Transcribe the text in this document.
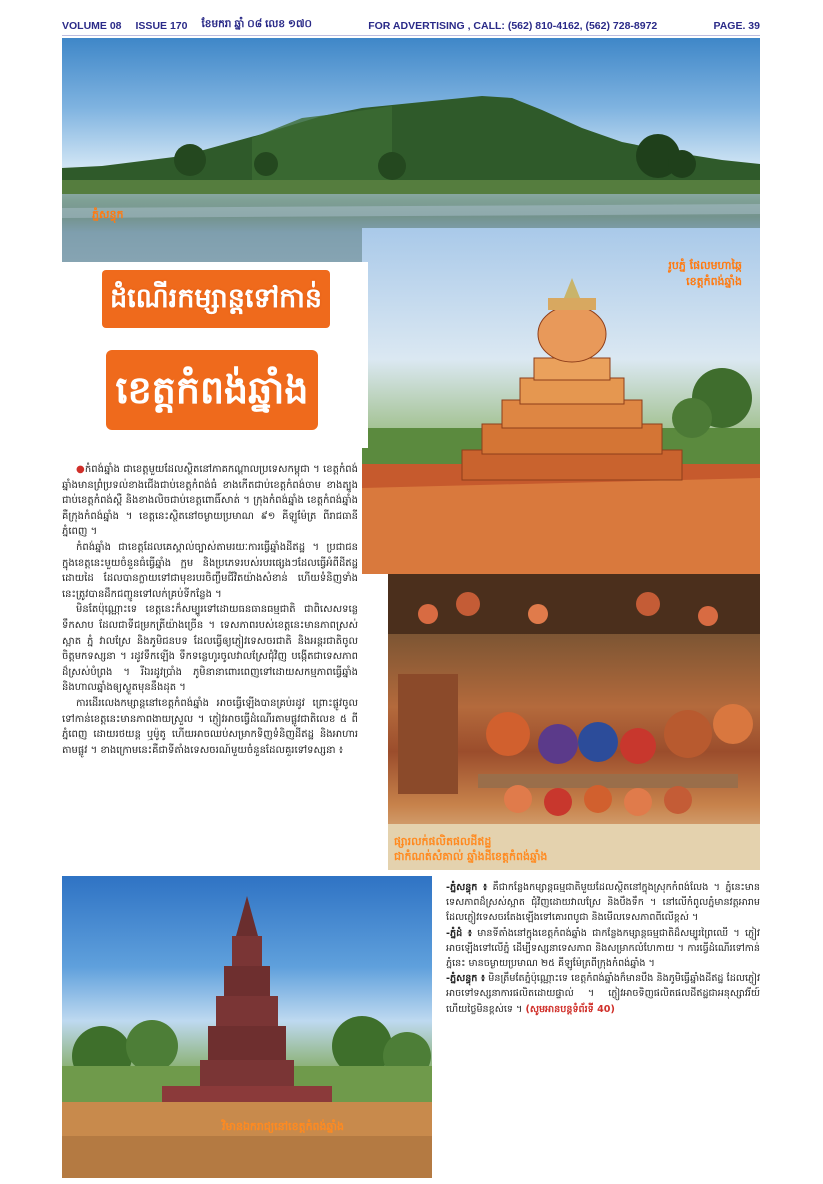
VOLUME 08 ISSUE 170 ខែមករា ឆ្នាំ ០៨ លេខ ១៧០	FOR ADVERTISING , CALL: (562) 810-4162, (562) 728-8972	PAGE. 39
ភ្នំសន្ធុក
រូបភ្នំ ផែលមហាឆ្កៃ
ខេត្តកំពង់ឆ្នាំង
ដំណើរកម្សាន្តទៅកាន់
ខេត្តកំពង់ឆ្នាំង

●កំពង់ឆ្នាំង ជាខេត្តមួយដែលស្ថិតនៅភាគកណ្ដាលប្រទេសកម្ពុជា ។ ខេត្តកំពង់ឆ្នាំងមានព្រំប្រទល់ខាងជើងជាប់ខេត្តកំពង់ធំ ខាងកើតជាប់ខេត្តកំពង់ចាម ខាងត្បូងជាប់ខេត្តកំពង់ស្ពឺ និងខាងលិចជាប់ខេត្តពោធិ៍សាត់ ។ ក្រុងកំពង់ឆ្នាំង ខេត្តកំពង់ឆ្នាំង គឺក្រុងកំពង់ឆ្នាំង ។ ខេត្តនេះស្ថិតនៅចម្ងាយប្រមាណ ៩១ គីឡូម៉ែត្រ ពីរាជធានីភ្នំពេញ ។

កំពង់ឆ្នាំង ជាខេត្តដែលគេស្គាល់ច្បាស់តាមរយៈការធ្វើឆ្នាំងដីឥដ្ឋ ។ ប្រជាជនក្នុងខេត្តនេះមួយចំនួនធំធ្វើឆ្នាំង ក្អម និងប្រភេទរបស់របរផ្សេងៗដែលធ្វើអំពីដីឥដ្ឋដោយដៃ ដែលបានក្លាយទៅជាមុខរបរចិញ្ចឹមជីវិតយ៉ាងសំខាន់ ហើយទំនិញទាំងនេះត្រូវបានដឹកជញ្ជូនទៅលក់គ្រប់ទីកន្លែង ។

មិនតែប៉ុណ្ណោះទេ ខេត្តនេះក៏សម្បូរទៅដោយធនធានធម្មជាតិ ជាពិសេសទន្លេទឹកសាប ដែលជាទីជម្រកត្រីយ៉ាងច្រើន ។ ទេសភាពរបស់ខេត្តនេះមានភាពស្រស់ស្អាត ភ្នំ វាលស្រែ និងភូមិជនបទ ដែលធ្វើឲ្យភ្ញៀវទេសចរជាតិ និងអន្តរជាតិចូលចិត្តមកទស្សនា ។ រដូវទឹកឡើង ទឹកទន្លេហូរចូលវាលស្រែជុំវិញ បង្កើតជាទេសភាពដ៏ស្រស់បំព្រង ។ រីឯរដូវប្រាំង ភូមិនានាពោរពេញទៅដោយសកម្មភាពធ្វើឆ្នាំង និងហាលឆ្នាំងឲ្យស្ងួតមុននឹងដុត ។

ការដើរលេងកម្សាន្តនៅខេត្តកំពង់ឆ្នាំង អាចធ្វើឡើងបានគ្រប់រដូវ ព្រោះផ្លូវចូលទៅកាន់ខេត្តនេះមានភាពងាយស្រួល ។ ភ្ញៀវអាចធ្វើដំណើរតាមផ្លូវជាតិលេខ ៥ ពីភ្នំពេញ ដោយរថយន្ត ឬម៉ូតូ ហើយអាចឈប់សម្រាកទិញទំនិញដីឥដ្ឋ និងអាហារតាមផ្លូវ ។ ខាងក្រោមនេះគឺជាទីតាំងទេសចរណ៍មួយចំនួនដែលគួរទៅទស្សនា ៖

ផ្សារលក់ផលិតផលដីឥដ្ឋ
ជាកំណត់សំគាល់ ឆ្នាំងដីខេត្តកំពង់ឆ្នាំង
វិមានឯករាជ្យនៅខេត្តកំពង់ឆ្នាំង

-ភ្នំសន្ធុក ៖ គឺជាកន្លែងកម្សាន្តធម្មជាតិមួយដែលស្ថិតនៅក្នុងស្រុកកំពង់លែង ។ ភ្នំនេះមានទេសភាពដ៏ស្រស់ស្អាត ជុំវិញដោយវាលស្រែ និងបឹងទឹក ។ នៅលើកំពូលភ្នំមានវត្តអារាម ដែលភ្ញៀវទេសចរតែងឡើងទៅគោរពបូជា និងមើលទេសភាពពីលើខ្ពស់ ។

-ភ្នំដំ ៖ មានទីតាំងនៅក្នុងខេត្តកំពង់ឆ្នាំង ជាកន្លែងកម្សាន្តធម្មជាតិដ៏សម្បូរព្រៃឈើ ។ ភ្ញៀវអាចឡើងទៅលើភ្នំ ដើម្បីទស្សនាទេសភាព និងសម្រាកលំហែកាយ ។ ការធ្វើដំណើរទៅកាន់ភ្នំនេះ មានចម្ងាយប្រមាណ ២៥ គីឡូម៉ែត្រពីក្រុងកំពង់ឆ្នាំង ។

-ភ្នំសន្ធុក ៖ មិនត្រឹមតែភ្នំប៉ុណ្ណោះទេ ខេត្តកំពង់ឆ្នាំងក៏មានបឹង និងភូមិធ្វើឆ្នាំងដីឥដ្ឋ ដែលភ្ញៀវអាចទៅទស្សនាការផលិតដោយផ្ទាល់ ។ ភ្ញៀវអាចទិញផលិតផលដីឥដ្ឋជាអនុស្សាវរីយ៍ ហើយថ្លៃមិនខ្ពស់ទេ ។ (សូមអានបន្តទំព័រទី 40)
